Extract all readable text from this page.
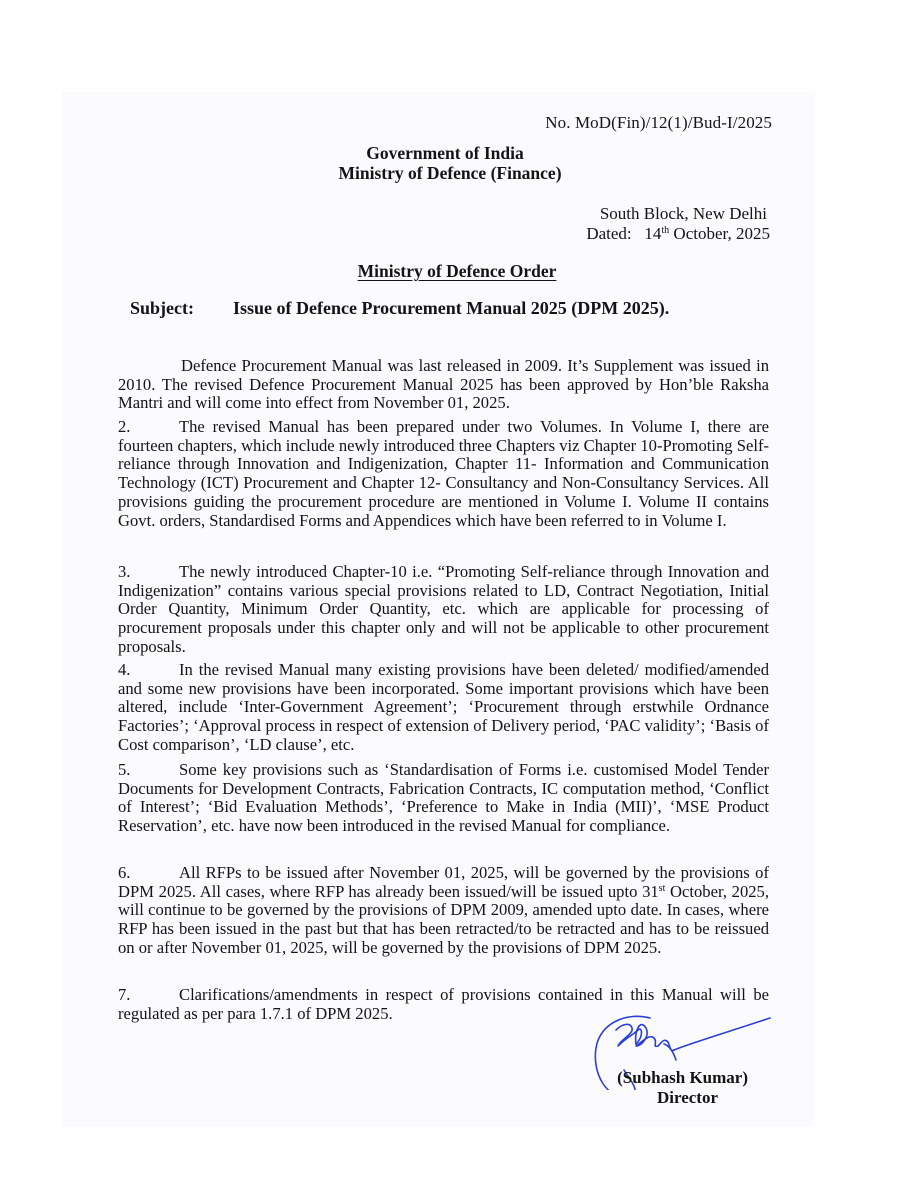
No. MoD(Fin)/12(1)/Bud-I/2025
Government of India
Ministry of Defence (Finance)
South Block, New Delhi
Dated: 14th October, 2025
Ministry of Defence Order
Subject: Issue of Defence Procurement Manual 2025 (DPM 2025).
Defence Procurement Manual was last released in 2009. It’s Supplement was issued in 2010. The revised Defence Procurement Manual 2025 has been approved by Hon’ble Raksha Mantri and will come into effect from November 01, 2025.
2.	The revised Manual has been prepared under two Volumes. In Volume I, there are fourteen chapters, which include newly introduced three Chapters viz Chapter 10-Promoting Self-reliance through Innovation and Indigenization, Chapter 11- Information and Communication Technology (ICT) Procurement and Chapter 12- Consultancy and Non-Consultancy Services. All provisions guiding the procurement procedure are mentioned in Volume I. Volume II contains Govt. orders, Standardised Forms and Appendices which have been referred to in Volume I.
3.	The newly introduced Chapter-10 i.e. “Promoting Self-reliance through Innovation and Indigenization” contains various special provisions related to LD, Contract Negotiation, Initial Order Quantity, Minimum Order Quantity, etc. which are applicable for processing of procurement proposals under this chapter only and will not be applicable to other procurement proposals.
4.	In the revised Manual many existing provisions have been deleted/ modified/amended and some new provisions have been incorporated. Some important provisions which have been altered, include ‘Inter-Government Agreement’; ‘Procurement through erstwhile Ordnance Factories’; ‘Approval process in respect of extension of Delivery period, ‘PAC validity’; ‘Basis of Cost comparison’, ‘LD clause’, etc.
5.	Some key provisions such as ‘Standardisation of Forms i.e. customised Model Tender Documents for Development Contracts, Fabrication Contracts, IC computation method, ‘Conflict of Interest’; ‘Bid Evaluation Methods’, ‘Preference to Make in India (MII)’, ‘MSE Product Reservation’, etc. have now been introduced in the revised Manual for compliance.
6.	All RFPs to be issued after November 01, 2025, will be governed by the provisions of DPM 2025. All cases, where RFP has already been issued/will be issued upto 31st October, 2025, will continue to be governed by the provisions of DPM 2009, amended upto date. In cases, where RFP has been issued in the past but that has been retracted/to be retracted and has to be reissued on or after November 01, 2025, will be governed by the provisions of DPM 2025.
7.	Clarifications/amendments in respect of provisions contained in this Manual will be regulated as per para 1.7.1 of DPM 2025.
(Subhash Kumar)
Director
